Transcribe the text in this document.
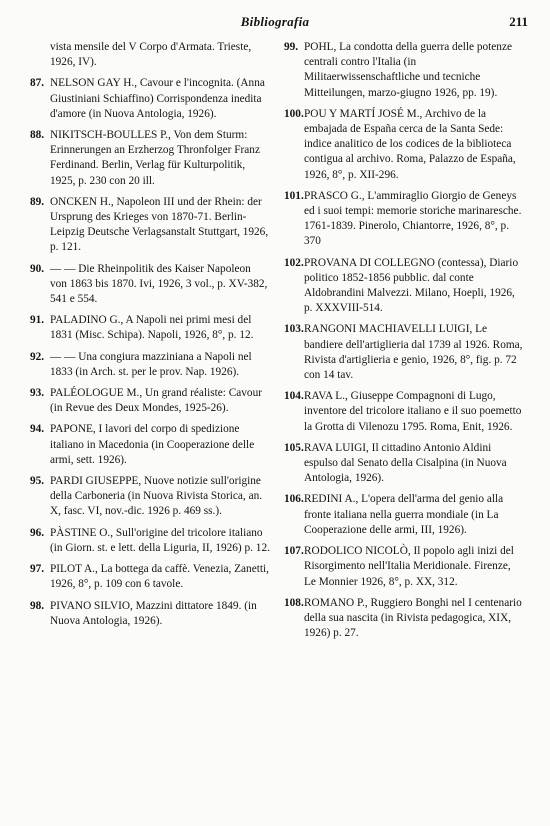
Bibliografia	211
vista mensile del V Corpo d'Armata. Trieste, 1926, IV).
87. NELSON GAY H., Cavour e l'incognita. (Anna Giustiniani Schiaffino) Corrispondenza inedita d'amore (in Nuova Antologia, 1926).
88. NIKITSCH-BOULLES P., Von dem Sturm: Erinnerungen an Erzherzog Thronfolger Franz Ferdinand. Berlin, Verlag für Kulturpolitik, 1925, p. 230 con 20 ill.
89. ONCKEN H., Napoleon III und der Rhein: der Ursprung des Krieges von 1870-71. Berlin-Leipzig Deutsche Verlagsanstalt Stuttgart, 1926, p. 121.
90. — — Die Rheinpolitik des Kaiser Napoleon von 1863 bis 1870. Ivi, 1926, 3 vol., p. XV-382, 541 e 554.
91. PALADINO G., A Napoli nei primi mesi del 1831 (Misc. Schipa). Napoli, 1926, 8°, p. 12.
92. — — Una congiura mazziniana a Napoli nel 1833 (in Arch. st. per le prov. Nap. 1926).
93. PALÉOLOGUE M., Un grand réaliste: Cavour (in Revue des Deux Mondes, 1925-26).
94. PAPONE, I lavori del corpo di spedizione italiano in Macedonia (in Cooperazione delle armi, sett. 1926).
95. PARDI GIUSEPPE, Nuove notizie sull'origine della Carboneria (in Nuova Rivista Storica, an. X, fasc. VI, nov.-dic. 1926 p. 469 ss.).
96. PÀSTINE O., Sull'origine del tricolore italiano (in Giorn. st. e lett. della Liguria, II, 1926) p. 12.
97. PILOT A., La bottega da caffè. Venezia, Zanetti, 1926, 8°, p. 109 con 6 tavole.
98. PIVANO SILVIO, Mazzini dittatore 1849. (in Nuova Antologia, 1926).
99. POHL, La condotta della guerra delle potenze centrali contro l'Italia (in Militaerwissenschaftliche und tecniche Mitteilungen, marzo-giugno 1926, pp. 19).
100. POU Y MARTÍ JOSÉ M., Archivo de la embajada de España cerca de la Santa Sede: indice analitico de los codices de la biblioteca contigua al archivo. Roma, Palazzo de España, 1926, 8°, p. XII-296.
101. PRASCO G., L'ammiraglio Giorgio de Geneys ed i suoi tempi: memorie storiche marinaresche. 1761-1839. Pinerolo, Chiantorre, 1926, 8°, p. 370
102. PROVANA DI COLLEGNO (contessa), Diario politico 1852-1856 pubblic. dal conte Aldobrandini Malvezzi. Milano, Hoepli, 1926, p. XXXVIII-514.
103. RANGONI MACHIAVELLI LUIGI, Le bandiere dell'artiglieria dal 1739 al 1926. Roma, Rivista d'artiglieria e genio, 1926, 8°, fig. p. 72 con 14 tav.
104. RAVA L., Giuseppe Compagnoni di Lugo, inventore del tricolore italiano e il suo poemetto la Grotta di Vilenozu 1795. Roma, Enit, 1926.
105. RAVA LUIGI, Il cittadino Antonio Aldini espulso dal Senato della Cisalpina (in Nuova Antologia, 1926).
106. REDINI A., L'opera dell'arma del genio alla fronte italiana nella guerra mondiale (in La Cooperazione delle armi, III, 1926).
107. RODOLICO NICOLÒ, Il popolo agli inizi del Risorgimento nell'Italia Meridionale. Firenze, Le Monnier 1926, 8°, p. XX, 312.
108. ROMANO P., Ruggiero Bonghi nel I centenario della sua nascita (in Rivista pedagogica, XIX, 1926) p. 27.
